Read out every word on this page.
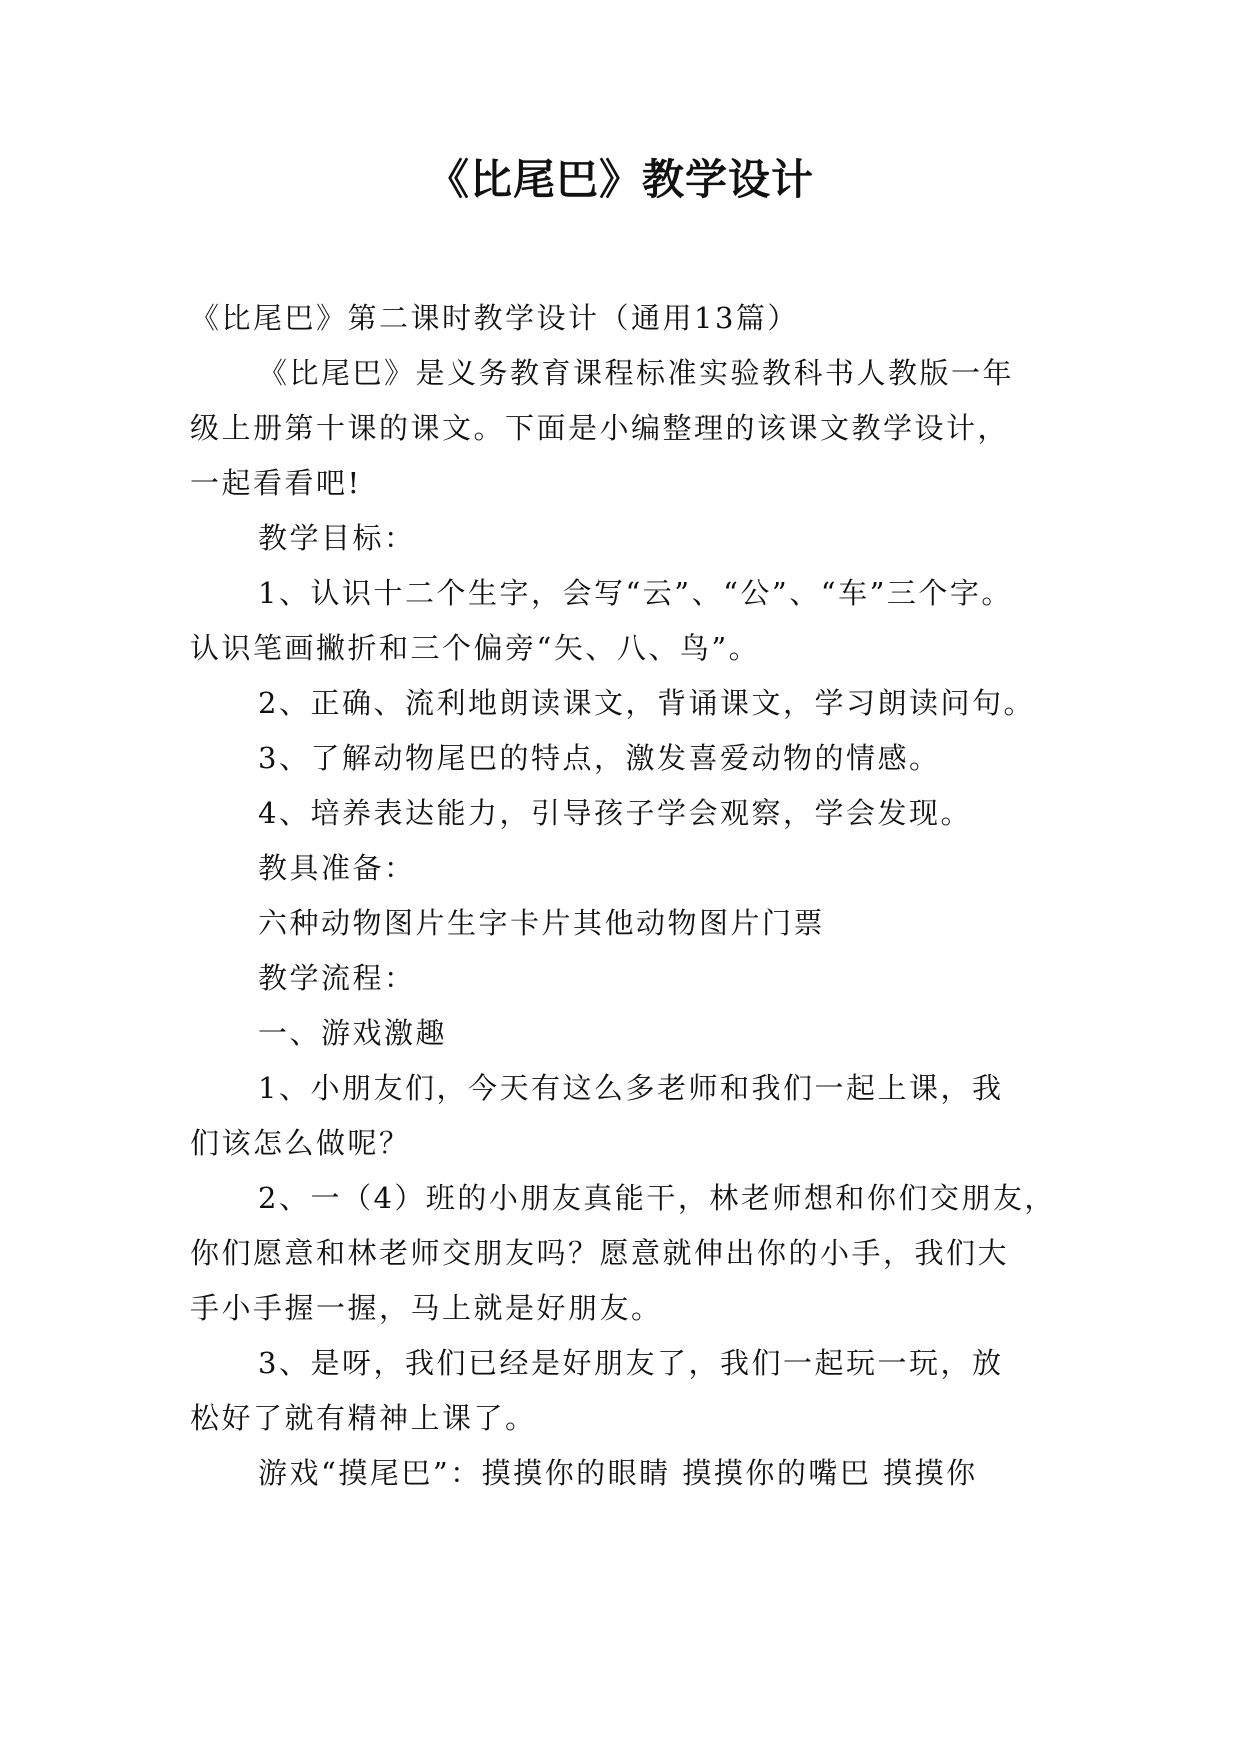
《比尾巴》教学设计

《比尾巴》第二课时教学设计（通用13篇）

《比尾巴》是义务教育课程标准实验教科书人教版一年

级上册第十课的课文。下面是小编整理的该课文教学设计，

一起看看吧!

教学目标：

1、认识十二个生字，会写“云”、“公”、“车”三个字。

认识笔画撇折和三个偏旁“矢、八、鸟”。

2、正确、流利地朗读课文，背诵课文，学习朗读问句。

3、了解动物尾巴的特点，激发喜爱动物的情感。

4、培养表达能力，引导孩子学会观察，学会发现。

教具准备：

六种动物图片生字卡片其他动物图片门票

教学流程：

一、游戏激趣

1、小朋友们，今天有这么多老师和我们一起上课，我

们该怎么做呢？

2、一（4）班的小朋友真能干，林老师想和你们交朋友，

你们愿意和林老师交朋友吗？愿意就伸出你的小手，我们大

手小手握一握，马上就是好朋友。

3、是呀，我们已经是好朋友了，我们一起玩一玩，放

松好了就有精神上课了。

游戏“摸尾巴”：摸摸你的眼睛 摸摸你的嘴巴 摸摸你
